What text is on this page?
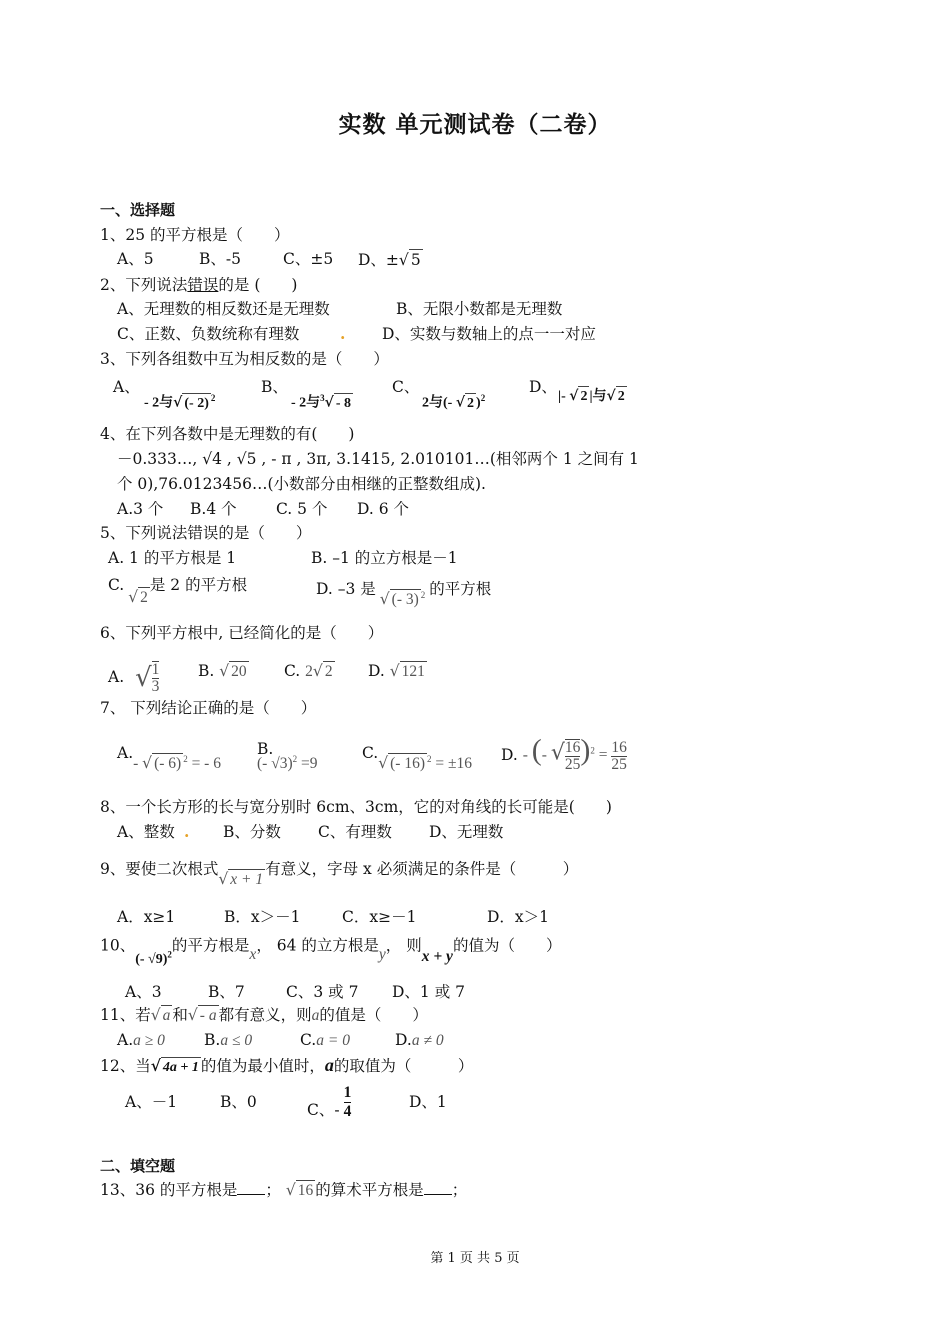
实数 单元测试卷（二卷）
一、选择题
1、25 的平方根是（　　）
A、5	B、-5	C、±5 D、±√ 5
2、下列说法错误的是 (　　)
A、无理数的相反数还是无理数	B、无限小数都是无理数
C、正数、负数统称有理数	. D、实数与数轴上的点一一对应
3、下列各组数中互为相反数的是（　　）
A、
- 2与√ (- 2) $^2$
B、
- 2与$^3$√ - 8
C、
2与(- √ 2 )$^2$
D、
|- √ 2 |与√ 2
4、在下列各数中是无理数的有(　　)
－0.333…, √4 , √5 , - π , 3π, 3.1415, 2.010101…(相邻两个 1 之间有 1
个 0),76.0123456…(小数部分由相继的正整数组成).
A.3 个 B.4 个	C. 5 个 D. 6 个
5、下列说法错误的是（　　）
A. 1 的平方根是 1	B. –1 的立方根是－1
C.√ 2是 2 的平方根	D. –3 是√ (- 3) $^2$ 的平方根
6、下列平方根中, 已经简化的是（　　）
A. √ $\frac{1}{3} B$. √ 20 C. 2√ 2 D. √ 121
7、 下列结论正确的是（　　）
A.- √ (- 6) $^2$ = - 6
B.
(- √3)$^2$ =9
C.√ (- 16) $^2$ = ±16 D. - (- √ $\frac{16}{25} )^2 = \frac{16}{25}$
8、一个长方形的长与宽分别时 6cm、3cm，它的对角线的长可能是(　　)
A、整数 . B、分数 C、有理数 D、无理数
9、要使二次根式√ x + 1有意义，字母 x 必须满足的条件是（　　　）
A．x≥1	B．x＞－1	C．x≥－1	D．x＞1
10、(- √9)$^2$的平方根是x， 64 的立方根是y， 则x + y的值为（　　）
A、3	B、7	C、3 或 7 D、1 或 7
11、若√ a 和√ - a 都有意义，则a的值是（　　）
A.a ≥ 0	B.a ≤ 0	C.a = 0	D.a ≠ 0
12、当√ 4a + 1 的值为最小值时，a的取值为（　　　）
A、－1	B、0	C、- $\frac{1}{4}$	D、1
二、填空题
13、36 的平方根是 ； √ 16 的算术平方根是 ；
第 1 页 共 5 页
